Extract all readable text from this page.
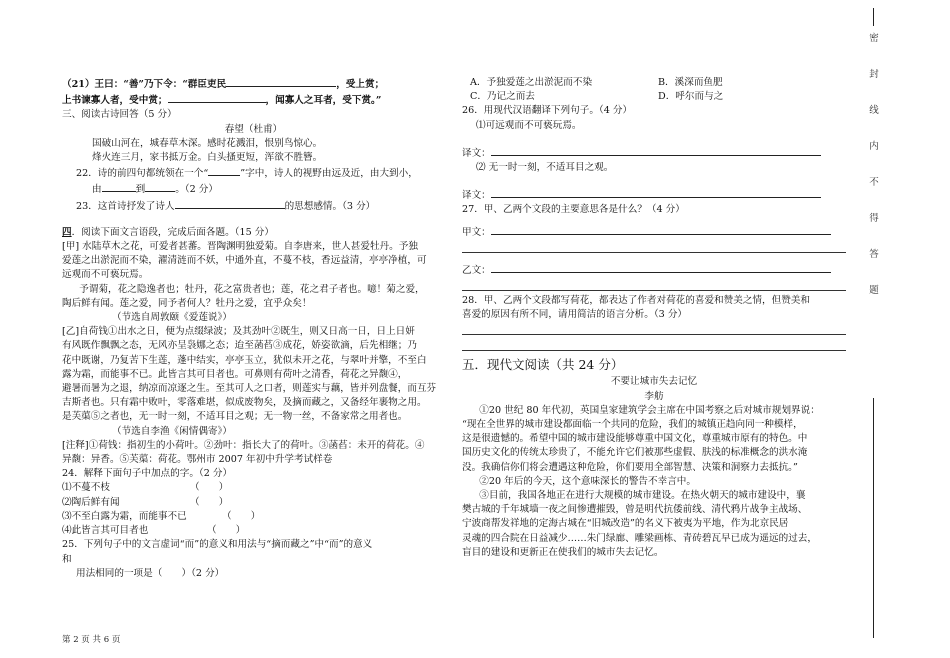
（21）王曰：“善”乃下令：“群臣吏民	，受上赏；
上书谏寡人者，受中赏；	，闻寡人之耳者，受下赏。”
三、阅读古诗回答（5 分）
春望（杜甫）
国破山河在，城春草木深。感时花溅泪，恨别鸟惊心。
烽火连三月，家书抵万金。白头搔更短，浑欲不胜簪。
22．诗的前四句都统领在一个“	”字中，诗人的视野由远及近，由大到小，
由	到	。（2 分）
23．这首诗抒发了诗人	的思想感情。（3 分）
四．阅读下面文言语段，完成后面各题。（15 分）
[甲] 水陆草木之花，可爱者甚蕃。晋陶渊明独爱菊。自李唐来，世人甚爱牡丹。予独
爱莲之出淤泥而不染，濯清涟而不妖，中通外直，不蔓不枝，香远益清，亭亭净植，可
远观而不可亵玩焉。
予谓菊，花之隐逸者也；牡丹，花之富贵者也；莲，花之君子者也。噫！菊之爱，
陶后鲜有闻。莲之爱，同予者何人？牡丹之爱，宜乎众矣！
（节选自周敦颐《爱莲说》）
[乙]自荷钱①出水之日，便为点缀绿波；及其劲叶②既生，则又日高一日，日上日妍
有风既作飘飘之态，无风亦呈袅娜之态；迨至菡萏③成花，娇姿欲滴，后先相继；乃
花中既谢，乃复苦下生莲，蓬中结实，亭亭玉立，犹似未开之花，与翠叶并擎，不至白
露为霜，而能事不已。此皆言其可目者也。可鼻则有荷叶之清香，荷花之异馥④，
避暑而暑为之退，纳凉而凉逐之生。至其可人之口者，则莲实与藕，皆并列盘餐，而互芬
吉斯者也。只有霜中败叶，零落难堪，似成废物矣，及摘而藏之，又备经年裹物之用。
是芙蕖⑤之者也，无一时一刻，不适耳目之观；无一物一丝，不备家常之用者也。
（节选自李渔《闲情偶寄》）
[注释]①荷钱：指初生的小荷叶。②劲叶：指长大了的荷叶。③菡萏：未开的荷花。④
异馥：异香。⑤芙蕖：荷花。鄂州市 2007 年初中升学考试样卷
24．解释下面句子中加点的字。（2 分）
⑴不蔓不枝	（　　）
⑵陶后鲜有闻	（　　）
⑶不至白露为霜，而能事不已	（　　）
⑷此皆言其可目者也	（　　）
25．下列句子中的文言虚词“而”的意义和用法与“摘而藏之”中“而”的意义
和
用法相同的一项是（　　）（2 分）
A．予独爱莲之出淤泥而不染	B．溪深而鱼肥
C．乃记之而去	D．呼尔而与之
26．用现代汉语翻译下列句子。（4 分）
⑴可远观而不可亵玩焉。
译文：
⑵ 无一时一刻，不适耳目之观。
译文：
27．甲、乙两个文段的主要意思各是什么？（4 分）
甲文：
乙文：
28．甲、乙两个文段都写荷花，都表达了作者对荷花的喜爱和赞美之情，但赞美和
喜爱的原因有所不同，请用简洁的语言分析。（3 分）
五．现代文阅读（共 24 分）
不要让城市失去记忆
李舫
①20 世纪 80 年代初，英国皇家建筑学会主席在中国考察之后对城市规划界说：
“现在全世界的城市建设都面临一个共同的危险，我们的城镇正趋向同一种模样，
这是很遗憾的。希望中国的城市建设能够尊重中国文化，尊重城市原有的特色。中
国历史文化的传统太珍贵了，不能允许它们被那些虚假、肤浅的标准概念的洪水淹
没。我确信你们将会遭遇这种危险，你们要用全部智慧、决策和洞察力去抵抗。”
②20 年后的今天，这个意味深长的警告不幸言中。
③目前，我国各地正在进行大规模的城市建设。在热火朝天的城市建设中，襄
樊古城的千年城墙一夜之间惨遭摧毁，曾是明代抗倭前线、清代鸦片战争主战场、
宁波商帮发祥地的定海古城在“旧城改造”的名义下被夷为平地，作为北京民居
灵魂的四合院在日益减少……朱门绿廊、雕梁画栋、青砖碧瓦早已成为遥远的过去，
盲目的建设和更新正在使我们的城市失去记忆。
第 2 页 共 6 页
密
封
线
内
不
得
答
题
